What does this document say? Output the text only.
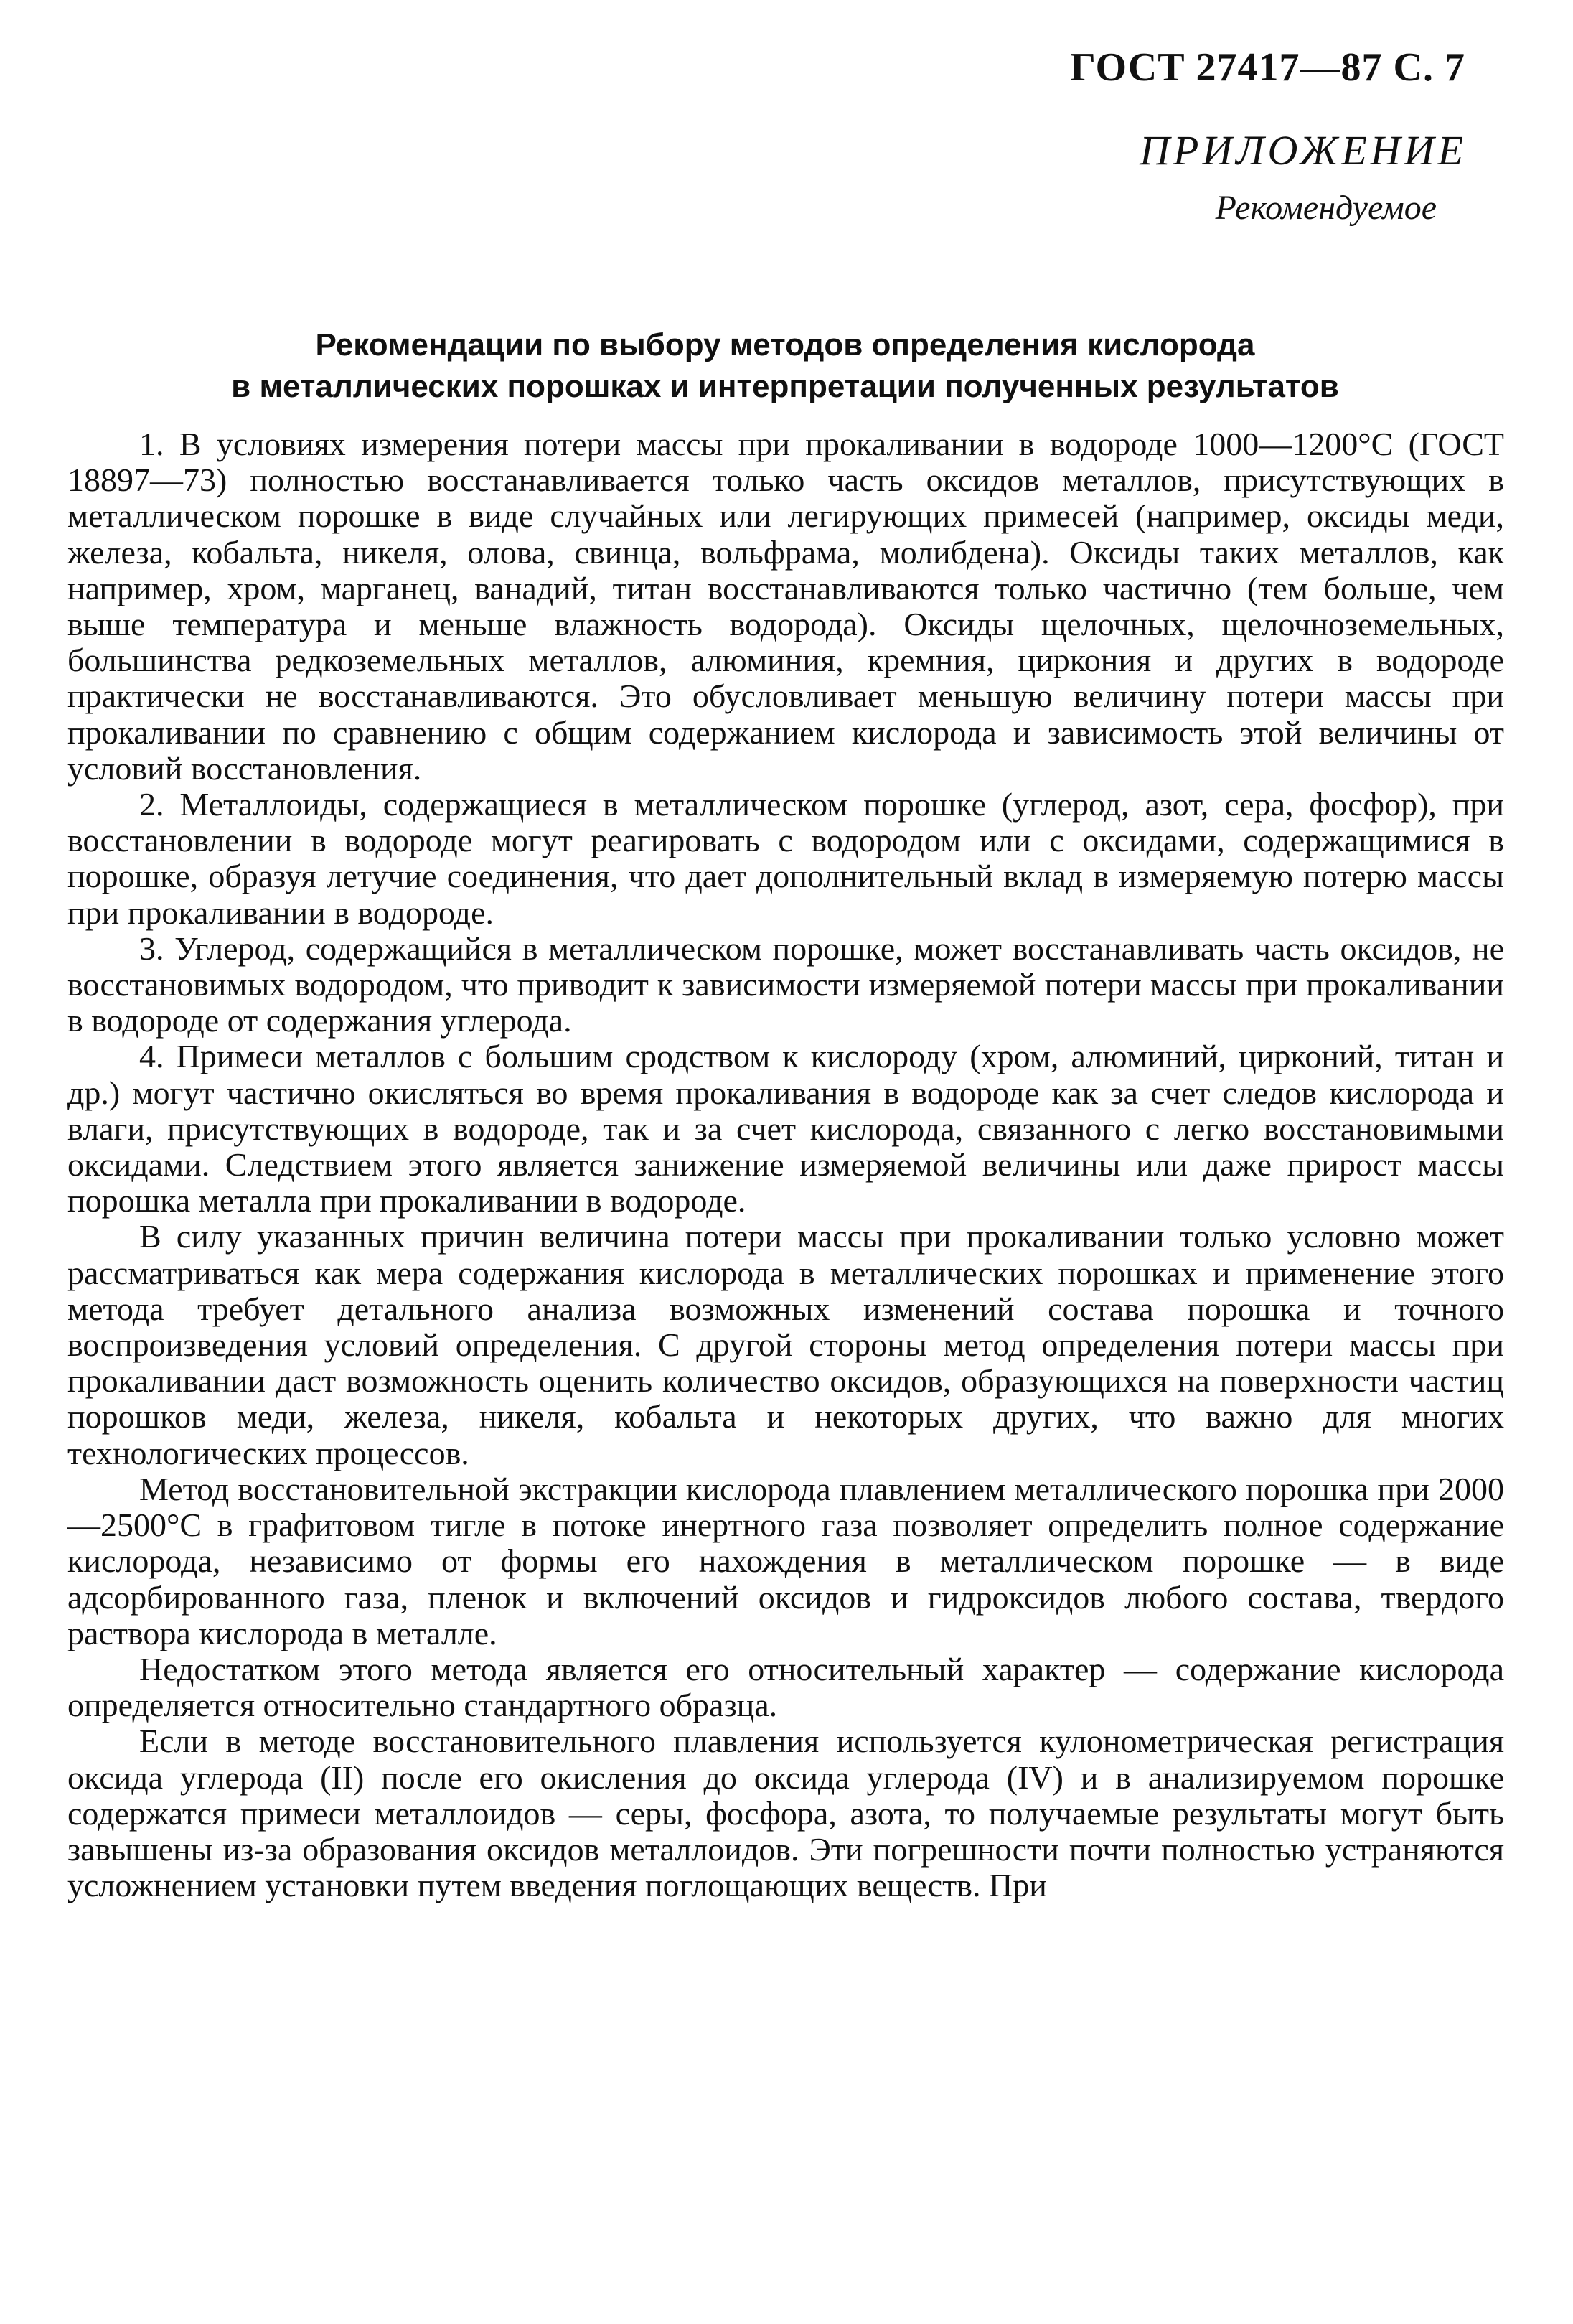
ГОСТ 27417—87 С. 7
ПРИЛОЖЕНИЕ
Рекомендуемое
Рекомендации по выбору методов определения кислорода
в металлических порошках и интерпретации полученных результатов

1. В условиях измерения потери массы при прокаливании в водороде 1000—1200°С (ГОСТ 18897—73) полностью восстанавливается только часть оксидов металлов, присутствующих в металлическом порошке в виде случайных или легирующих примесей (например, оксиды меди, железа, кобальта, никеля, олова, свинца, вольфрама, молибдена). Оксиды таких металлов, как например, хром, марганец, ванадий, титан восстанавливаются только частично (тем больше, чем выше температура и меньше влажность водорода). Оксиды щелочных, щелочноземельных, большинства редкоземельных металлов, алюминия, кремния, циркония и других в водороде практически не восстанавливаются. Это обусловливает меньшую величину потери массы при прокаливании по сравнению с общим содержанием кислорода и зависимость этой величины от условий восстановления.

2. Металлоиды, содержащиеся в металлическом порошке (углерод, азот, сера, фосфор), при восстановлении в водороде могут реагировать с водородом или с оксидами, содержащимися в порошке, образуя летучие соединения, что дает дополнительный вклад в измеряемую потерю массы при прокаливании в водороде.

3. Углерод, содержащийся в металлическом порошке, может восстанавливать часть оксидов, не восстановимых водородом, что приводит к зависимости измеряемой потери массы при прокаливании в водороде от содержания углерода.

4. Примеси металлов с большим сродством к кислороду (хром, алюминий, цирконий, титан и др.) могут частично окисляться во время прокаливания в водороде как за счет следов кислорода и влаги, присутствующих в водороде, так и за счет кислорода, связанного с легко восстановимыми оксидами. Следствием этого является занижение измеряемой величины или даже прирост массы порошка металла при прокаливании в водороде.

В силу указанных причин величина потери массы при прокаливании только условно может рассматриваться как мера содержания кислорода в металлических порошках и применение этого метода требует детального анализа возможных изменений состава порошка и точного воспроизведения условий определения. С другой стороны метод определения потери массы при прокаливании даст возможность оценить количество оксидов, образующихся на поверхности частиц порошков меди, железа, никеля, кобальта и некоторых других, что важно для многих технологических процессов.

Метод восстановительной экстракции кислорода плавлением металлического порошка при 2000—2500°С в графитовом тигле в потоке инертного газа позволяет определить полное содержание кислорода, независимо от формы его нахождения в металлическом порошке — в виде адсорбированного газа, пленок и включений оксидов и гидроксидов любого состава, твердого раствора кислорода в металле.

Недостатком этого метода является его относительный характер — содержание кислорода определяется относительно стандартного образца.

Если в методе восстановительного плавления используется кулонометрическая регистрация оксида углерода (II) после его окисления до оксида углерода (IV) и в анализируемом порошке содержатся примеси металлоидов — серы, фосфора, азота, то получаемые результаты могут быть завышены из-за образования оксидов металлоидов. Эти погрешности почти полностью устраняются усложнением установки путем введения поглощающих веществ. При
